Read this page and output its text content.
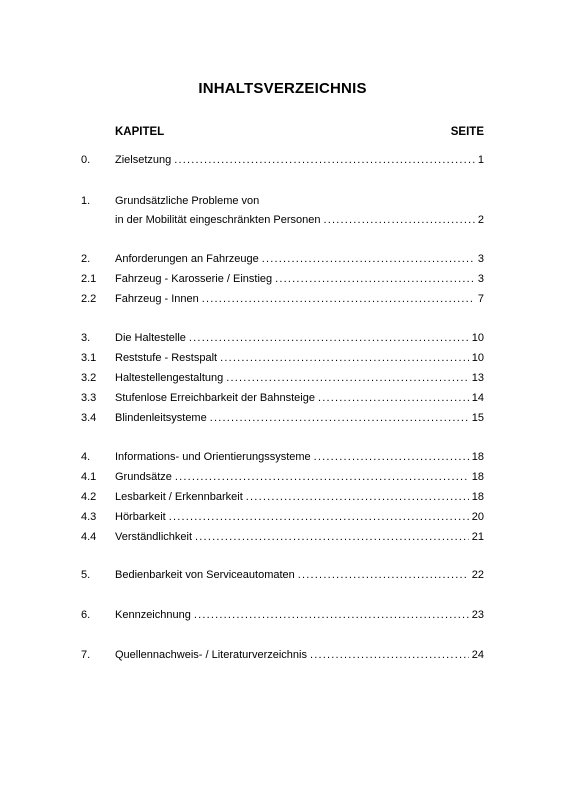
INHALTSVERZEICHNIS
KAPITEL	SEITE
0. Zielsetzung .....	1
1. Grundsätzliche Probleme von
in der Mobilität eingeschränkten Personen .....	2
2. Anforderungen an Fahrzeuge .....	3
2.1 Fahrzeug - Karosserie / Einstieg .....	3
2.2 Fahrzeug - Innen .....	7
3. Die Haltestelle .....	10
3.1 Reststufe - Restspalt .....	10
3.2 Haltestellengestaltung .....	13
3.3 Stufenlose Erreichbarkeit der Bahnsteige .....	14
3.4 Blindenleitsysteme .....	15
4. Informations- und Orientierungssysteme .....	18
4.1 Grundsätze .....	18
4.2 Lesbarkeit / Erkennbarkeit .....	18
4.3 Hörbarkeit .....	20
4.4 Verständlichkeit .....	21
5. Bedienbarkeit von Serviceautomaten .....	22
6. Kennzeichnung .....	23
7. Quellennachweis- / Literaturverzeichnis .....	24
